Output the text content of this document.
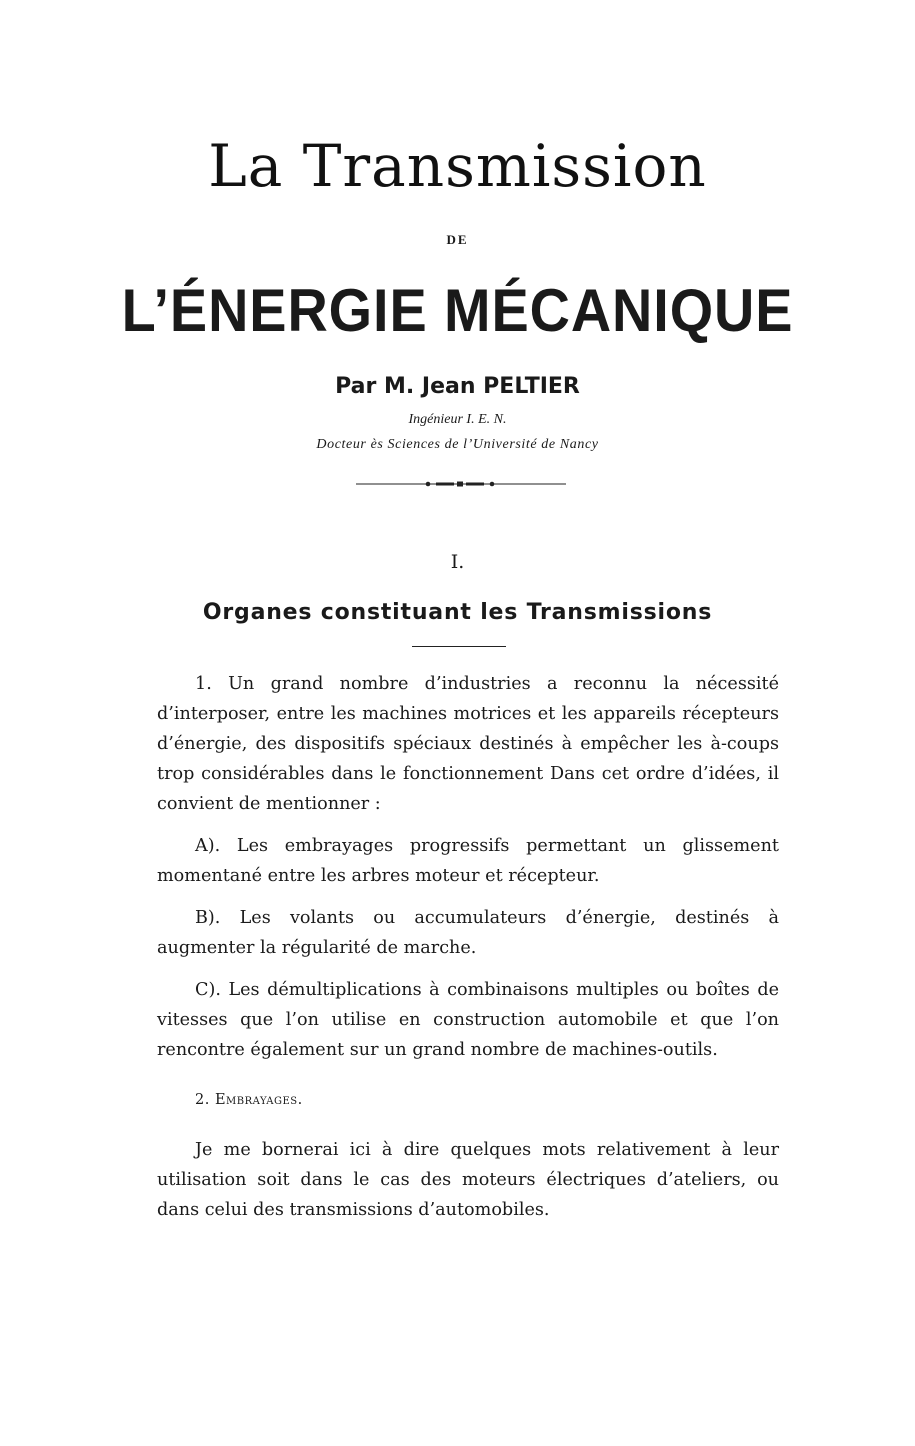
La Transmission
DE
L’ÉNERGIE MÉCANIQUE
Par M. Jean PELTIER
Ingénieur I. E. N.
Docteur ès Sciences de l’Université de Nancy
I.
Organes constituant les Transmissions

1. Un grand nombre d’industries a reconnu la nécessité d’interposer, entre les machines motrices et les appareils récepteurs d’énergie, des dispositifs spéciaux destinés à empêcher les à-coups trop considérables dans le fonctionnement Dans cet ordre d’idées, il convient de mentionner :

A). Les embrayages progressifs permettant un glissement momentané entre les arbres moteur et récepteur.

B). Les volants ou accumulateurs d’énergie, destinés à augmenter la régularité de marche.

C). Les démultiplications à combinaisons multiples ou boîtes de vitesses que l’on utilise en construction automobile et que l’on rencontre également sur un grand nombre de machines-outils.

2. Embrayages.

Je me bornerai ici à dire quelques mots relativement à leur utilisation soit dans le cas des moteurs électriques d’ateliers, ou dans celui des transmissions d’automobiles.
